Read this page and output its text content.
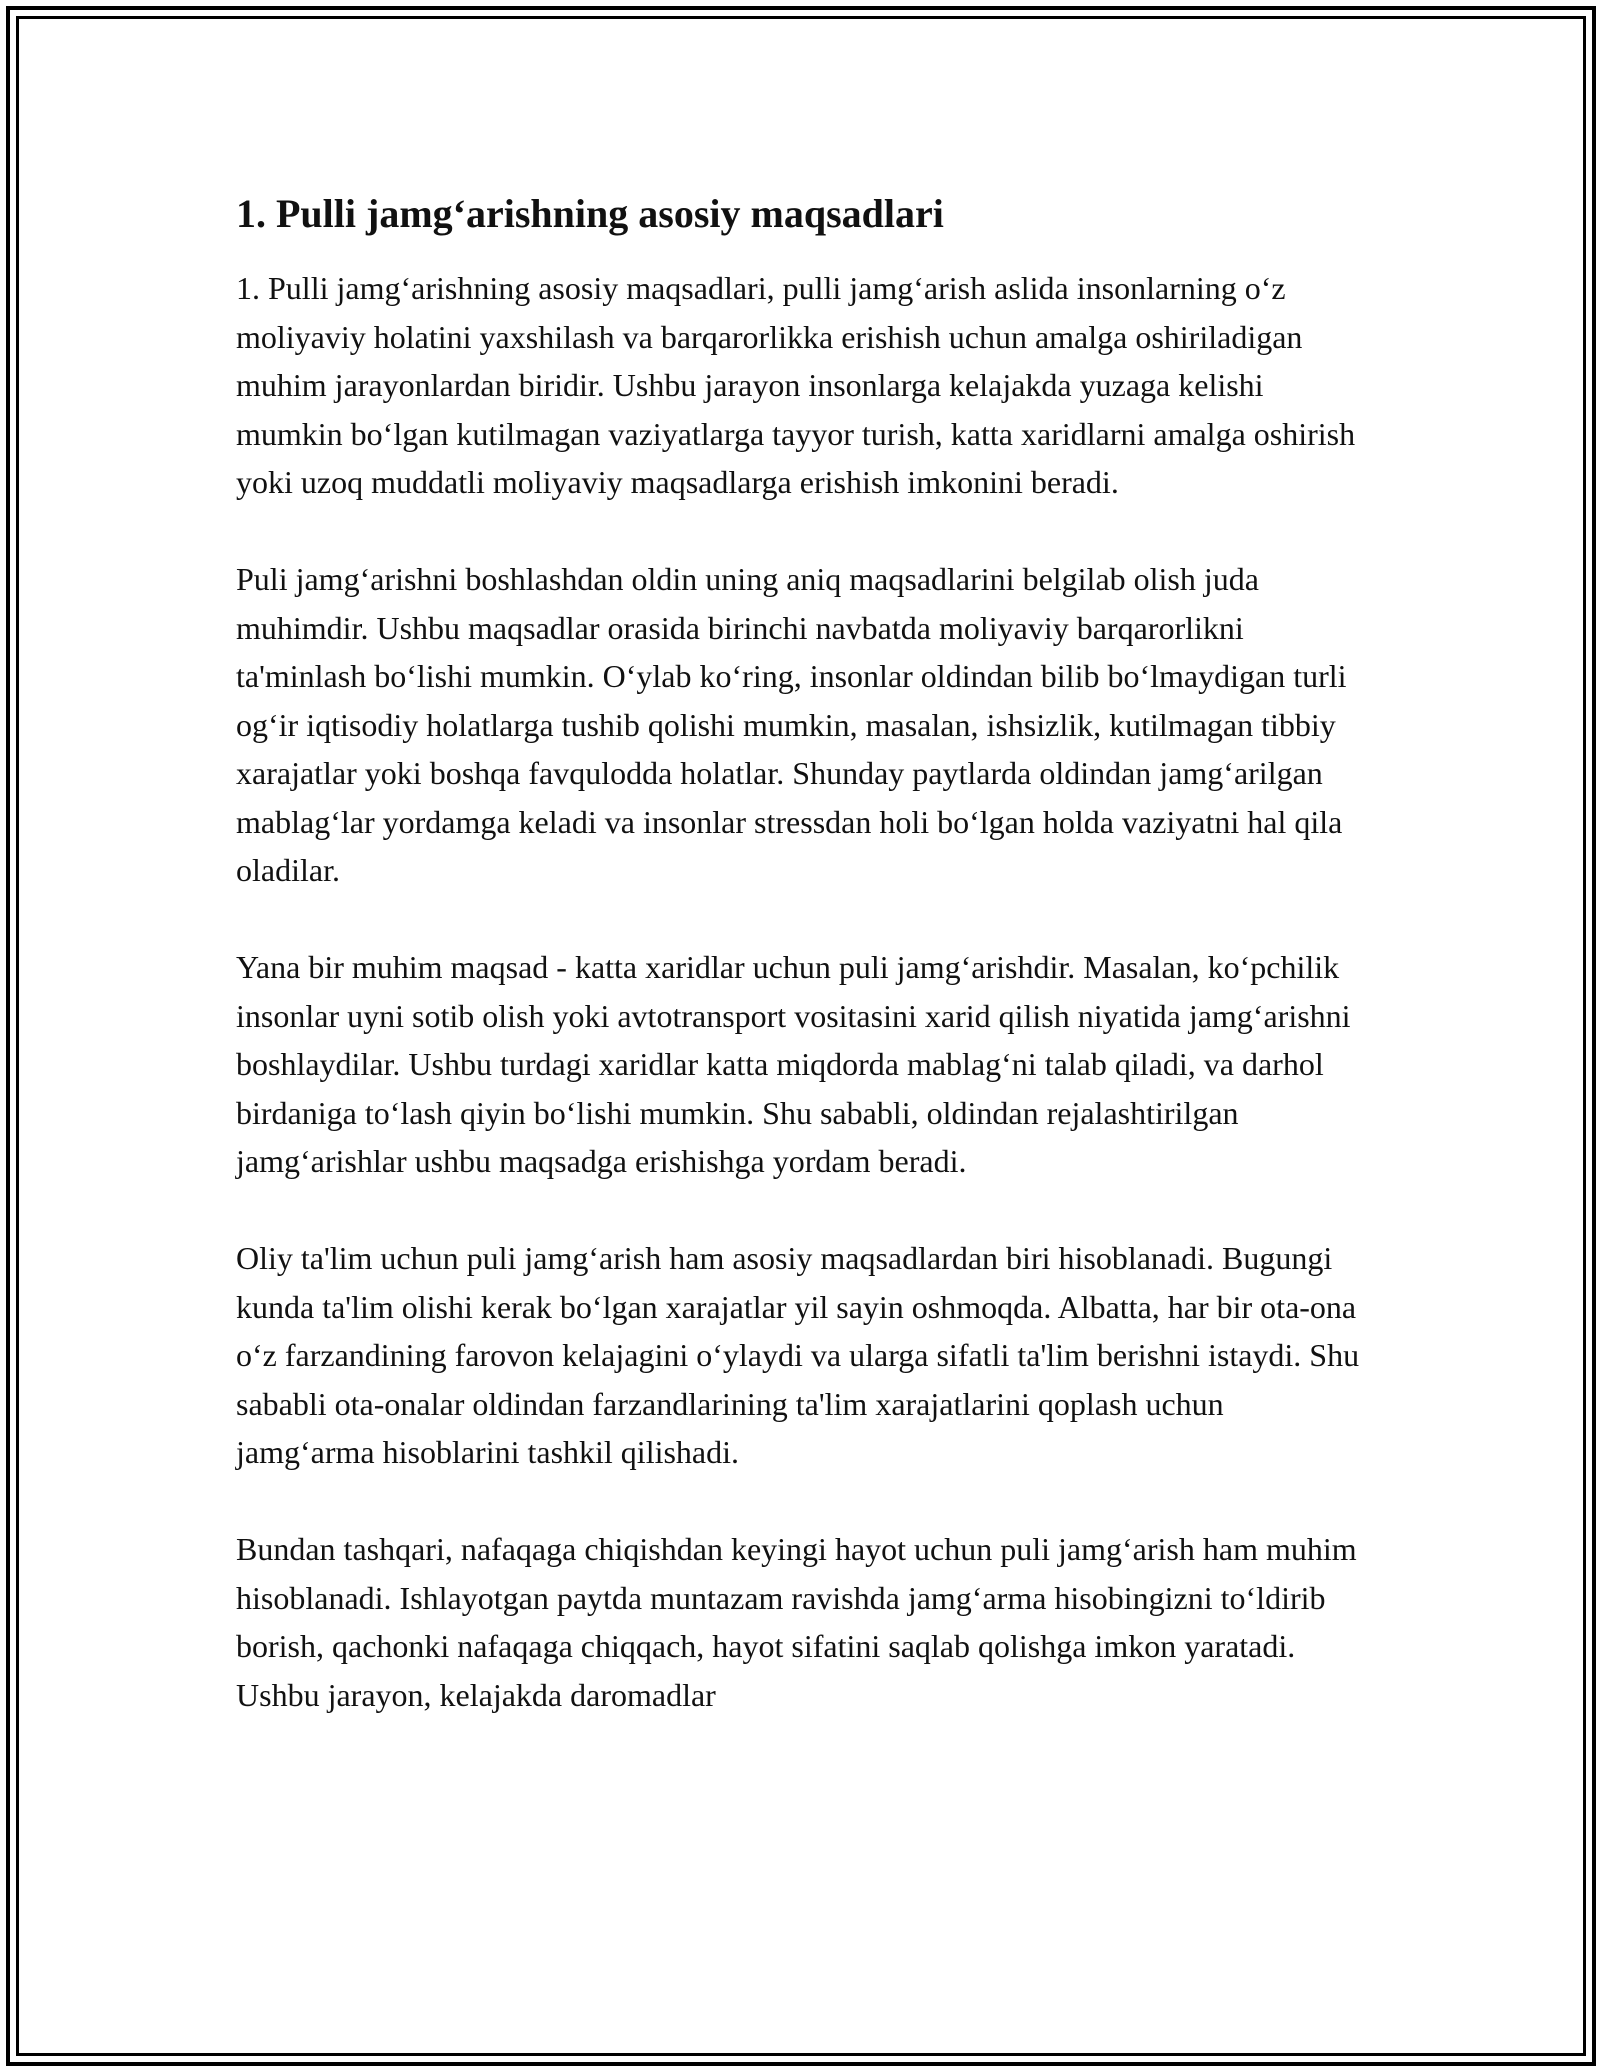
1. Pulli jamg‘arishning asosiy maqsadlari

1. Pulli jamg‘arishning asosiy maqsadlari, pulli jamg‘arish aslida insonlarning o‘z moliyaviy holatini yaxshilash va barqarorlikka erishish uchun amalga oshiriladigan muhim jarayonlardan biridir. Ushbu jarayon insonlarga kelajakda yuzaga kelishi mumkin bo‘lgan kutilmagan vaziyatlarga tayyor turish, katta xaridlarni amalga oshirish yoki uzoq muddatli moliyaviy maqsadlarga erishish imkonini beradi.

Puli jamg‘arishni boshlashdan oldin uning aniq maqsadlarini belgilab olish juda muhimdir. Ushbu maqsadlar orasida birinchi navbatda moliyaviy barqarorlikni ta'minlash bo‘lishi mumkin. O‘ylab ko‘ring, insonlar oldindan bilib bo‘lmaydigan turli og‘ir iqtisodiy holatlarga tushib qolishi mumkin, masalan, ishsizlik, kutilmagan tibbiy xarajatlar yoki boshqa favqulodda holatlar. Shunday paytlarda oldindan jamg‘arilgan mablag‘lar yordamga keladi va insonlar stressdan holi bo‘lgan holda vaziyatni hal qila oladilar.

Yana bir muhim maqsad - katta xaridlar uchun puli jamg‘arishdir. Masalan, ko‘pchilik insonlar uyni sotib olish yoki avtotransport vositasini xarid qilish niyatida jamg‘arishni boshlaydilar. Ushbu turdagi xaridlar katta miqdorda mablag‘ni talab qiladi, va darhol birdaniga to‘lash qiyin bo‘lishi mumkin. Shu sababli, oldindan rejalashtirilgan jamg‘arishlar ushbu maqsadga erishishga yordam beradi.

Oliy ta'lim uchun puli jamg‘arish ham asosiy maqsadlardan biri hisoblanadi. Bugungi kunda ta'lim olishi kerak bo‘lgan xarajatlar yil sayin oshmoqda. Albatta, har bir ota-ona o‘z farzandining farovon kelajagini o‘ylaydi va ularga sifatli ta'lim berishni istaydi. Shu sababli ota-onalar oldindan farzandlarining ta'lim xarajatlarini qoplash uchun jamg‘arma hisoblarini tashkil qilishadi.

Bundan tashqari, nafaqaga chiqishdan keyingi hayot uchun puli jamg‘arish ham muhim hisoblanadi. Ishlayotgan paytda muntazam ravishda jamg‘arma hisobingizni to‘ldirib borish, qachonki nafaqaga chiqqach, hayot sifatini saqlab qolishga imkon yaratadi. Ushbu jarayon, kelajakda daromadlar
